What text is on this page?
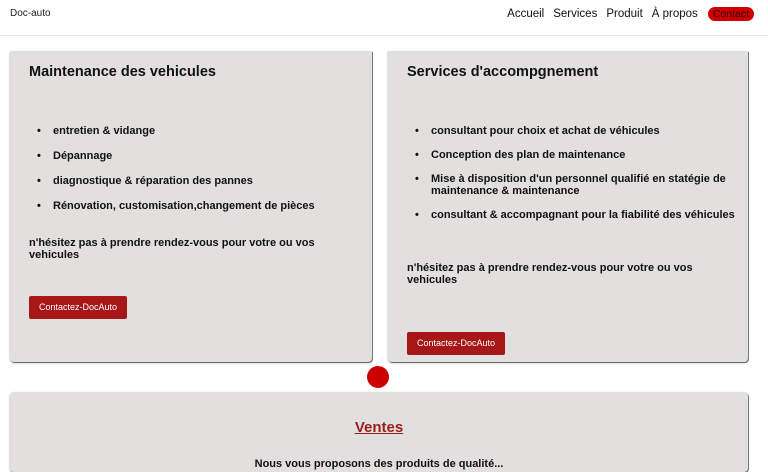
Doc-auto	Accueil Services Produit À propos	Contact
Maintenance des vehicules
• entretien & vidange
• Dépannage
• diagnostique & réparation des pannes
• Rénovation, customisation,changement de pièces

n'hésitez pas à prendre rendez-vous pour votre ou vos vehicules

Contactez-DocAuto
Services d'accompgnement
• consultant pour choix et achat de véhicules
• Conception des plan de maintenance
• Mise à disposition d'un personnel qualifié en statégie de maintenance & maintenance
• consultant & accompagnant pour la fiabilité des véhicules

n'hésitez pas à prendre rendez-vous pour votre ou vos vehicules

Contactez-DocAuto
Ventes
Nous vous proposons des produits de qualité...
